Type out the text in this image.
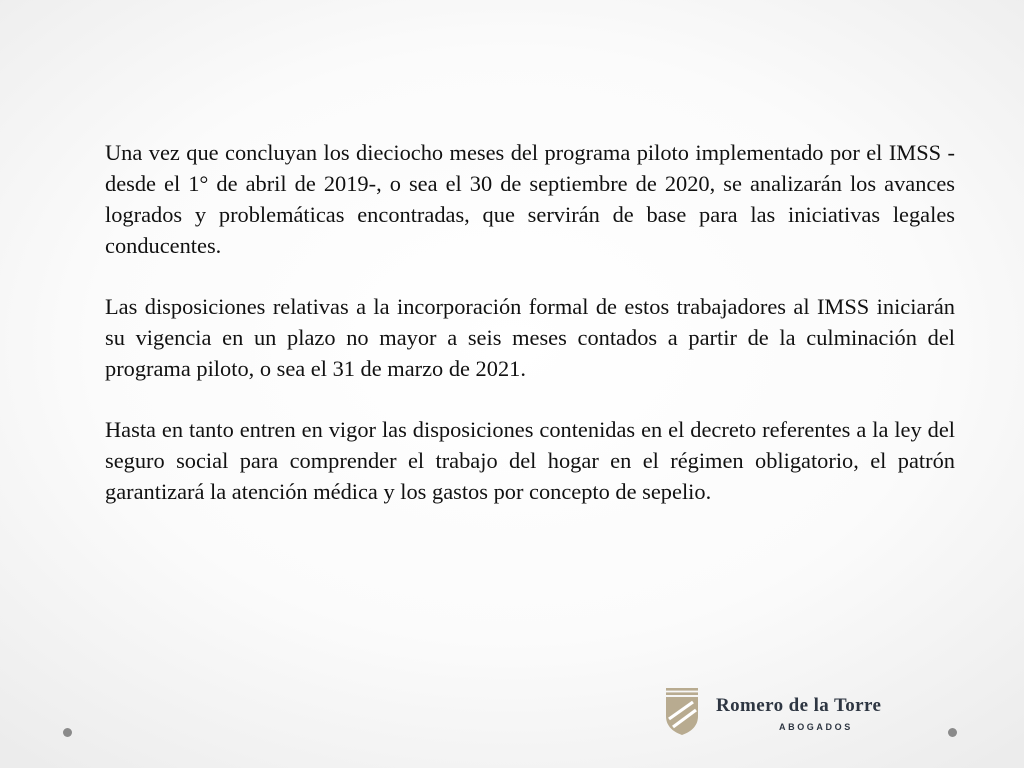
Una vez que concluyan los dieciocho meses del programa piloto implementado por el IMSS -desde el 1° de abril de 2019-, o sea el 30 de septiembre de 2020, se analizarán los avances logrados y problemáticas encontradas, que servirán de base para las iniciativas legales conducentes.

Las disposiciones relativas a la incorporación formal de estos trabajadores al IMSS iniciarán su vigencia en un plazo no mayor a seis meses contados a partir de la culminación del programa piloto, o sea el 31 de marzo de 2021.

Hasta en tanto entren en vigor las disposiciones contenidas en el decreto referentes a la ley del seguro social para comprender el trabajo del hogar en el régimen obligatorio, el patrón garantizará la atención médica y los gastos por concepto de sepelio.

Romero de la Torre
ABOGADOS
